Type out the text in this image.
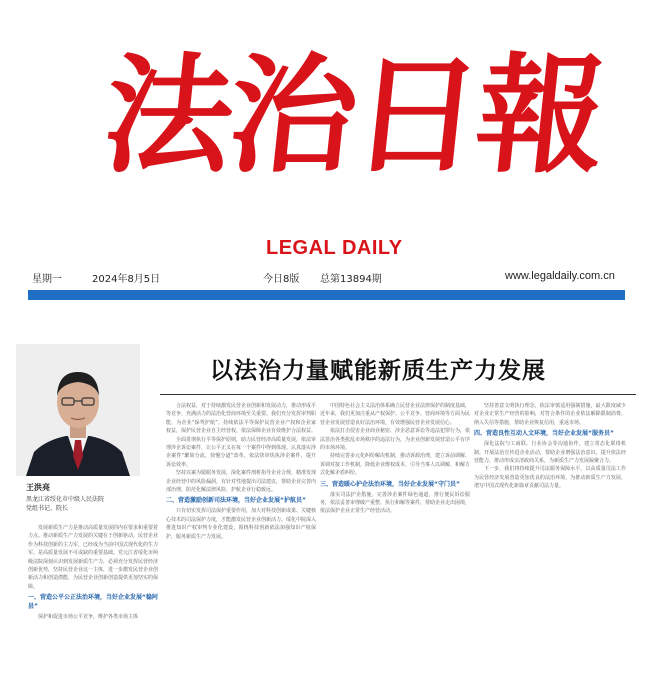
法治日報
LEGAL DAILY
星期一	2024年8月5日	今日8版 总第13894期	www.legaldaily.com.cn
王洪亮
黑龙江省绥化市中级人民法院
党组书记、院长
以法治力量赋能新质生产力发展

发展新质生产力是推动高质量发展的内在要求和重要着力点。推动新质生产力发展的关键在于创新驱动，民营企业作为科技创新的主力军，已经成为当前中国式现代化的生力军。是高质量发展不可或缺的重要基础。党元江省绥化市两级法院深刻认识到发展新质生产力，必须充分发挥民营经济创新优势，坚持民营企业这一主体，进一步激发民营企业创新活力和创造潜能，为民营企业创新创造提供更加坚实的保障。

一、营造公平公正法治环境，当好企业发展“稳阿县”

保护和促进市场公平竞争，维护各类市场主体

合法权益，对于持续激发民营企业创新和发展动力，推动形成平等竞争、充满活力的法治化营商环境至关重要。我们充分发挥审判职能，为企业“保驾护航”，持续依法平等保护民营企业产权和企业家权益，保护民营企业自主经营权，依法保障企业有效维护合法权益。

全面贯彻执行平等保护原则，助力民营经济高质量发展，依法审理涉企诉讼案件，让公平正义在每一个案件中得到体现。认真落实涉企案件“繁简分流、快慢分道”改革，依法快审快执涉企案件，提升诉讼效率。

坚持以案为镜服务发展，深化案件剖析指导企业合规，精准发现企业经营中的风险漏洞，有针对性地提出司法建议，帮助企业完善内部治理，防范化解法律风险，护航企业行稳致远。

二、营造激励创新司法环境，当好企业发展“护航员”

只有切实发挥司法保护重要作用，加大对科技创新成果、关键核心技术的司法保护力度，才能激发民营企业创新活力。绥化中院深入推进知识产权审判专业化建设，围绕科技创新依法加强知识产权保护，服务新质生产力发展。

中国特色社会主义法治体系确立民营企业法律保护的制度基础，近年来，我们更加注重从产权保护、公平竞争、营商环境等方面为民营企业发展营造良好法治环境，有效增强民营企业发展信心。

依法打击侵害企业商业秘密、涉企恶意诉讼等违法犯罪行为，依法惩治各类扰乱市场秩序的违法行为，为企业创新发展营造公平有序的市场环境。

持续完善多元化纠纷解决机制，推动诉源治理，建立诉前调解、诉调对接工作机制，降低企业维权成本，引导当事人以调解、和解方式化解矛盾纠纷。

三、营造暖心护企法治环境，当好企业发展“守门员”

落实司法护企措施，完善涉企案件绿色通道，推行便民诉讼服务，依法妥善审理破产重整、执行和解等案件，帮助企业走出困境，依法保护企业正常生产经营活动。

坚持善意文明执行理念，依法审慎适用强制措施，最大限度减少对企业正常生产经营的影响，对符合条件的企业依法解除限制消费、纳入失信等措施，帮助企业恢复信用，重返市场。

四、营造良性互动人文环境，当好企业发展“服务员”

深化法院与工商联、行业协会等沟通协作，建立常态化联络机制，开展法治宣传进企业活动，帮助企业增强法治意识、提升依法经营能力，推动形成亲清政商关系，为新质生产力发展凝聚合力。

下一步，我们将持续提升司法服务保障水平，以高质量司法工作为民营经济发展营造更加优良的法治环境，为推动新质生产力发展、谱写中国式现代化新篇章贡献司法力量。
